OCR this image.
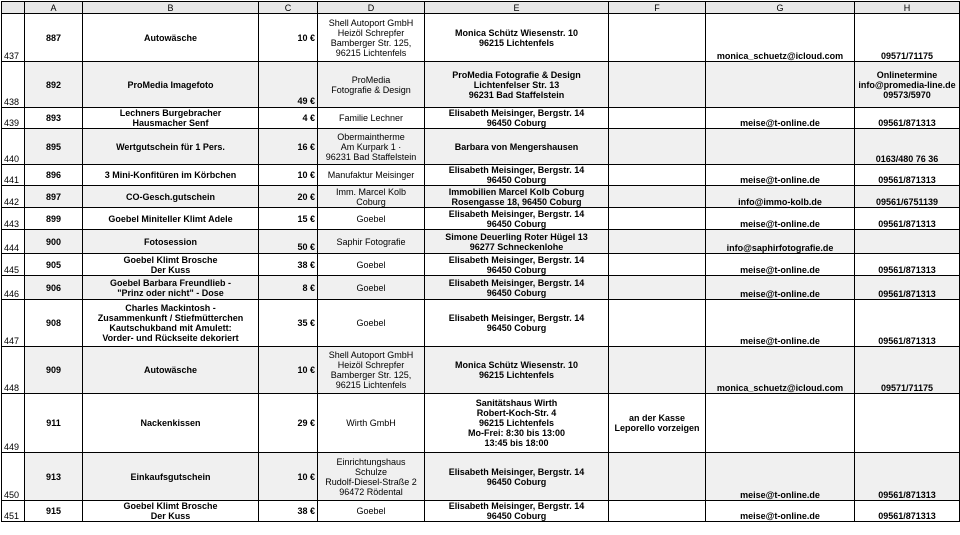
	A	B	C	D	E	F	G	H

437	887	Autowäsche	10 €	Shell Autoport GmbH
Heizöl Schrepfer
Bamberger Str. 125,
96215 Lichtenfels	Monica Schütz Wiesenstr. 10
96215 Lichtenfels		monica_schuetz@icloud.com	09571/71175

438	892	ProMedia Imagefoto	49 €	ProMedia
Fotografie & Design	ProMedia Fotografie & Design
Lichtenfelser Str. 13
96231 Bad Staffelstein			Onlinetermine
info@promedia-line.de
09573/5970

439	893	Lechners Burgebracher
Hausmacher Senf	4 €	Familie Lechner	Elisabeth Meisinger, Bergstr. 14
96450 Coburg		meise@t-online.de	09561/871313

440	895	Wertgutschein für 1 Pers.	16 €	Obermaintherme
Am Kurpark 1 ·
96231 Bad Staffelstein	Barbara von Mengershausen			0163/480 76 36

441	896	3 Mini-Konfitüren im Körbchen	10 €	Manufaktur Meisinger	Elisabeth Meisinger, Bergstr. 14
96450 Coburg		meise@t-online.de	09561/871313

442	897	CO-Gesch.gutschein	20 €	Imm. Marcel Kolb Coburg	Immobilien Marcel Kolb Coburg
Rosengasse 18, 96450 Coburg		info@immo-kolb.de	09561/6751139

443	899	Goebel Miniteller Klimt Adele	15 €	Goebel	Elisabeth Meisinger, Bergstr. 14
96450 Coburg		meise@t-online.de	09561/871313

444	900	Fotosession	50 €	Saphir Fotografie	Simone Deuerling Roter Hügel 13
96277 Schneckenlohe		info@saphirfotografie.de	

445	905	Goebel Klimt Brosche
Der Kuss	38 €	Goebel	Elisabeth Meisinger, Bergstr. 14
96450 Coburg		meise@t-online.de	09561/871313

446	906	Goebel Barbara Freundlieb -
"Prinz oder nicht" - Dose	8 €	Goebel	Elisabeth Meisinger, Bergstr. 14
96450 Coburg		meise@t-online.de	09561/871313

447	908	Charles Mackintosh -
Zusammenkunft / Stiefmütterchen
Kautschukband mit Amulett:
Vorder- und Rückseite dekoriert	35 €	Goebel	Elisabeth Meisinger, Bergstr. 14
96450 Coburg		meise@t-online.de	09561/871313

448	909	Autowäsche	10 €	Shell Autoport GmbH
Heizöl Schrepfer
Bamberger Str. 125,
96215 Lichtenfels	Monica Schütz Wiesenstr. 10
96215 Lichtenfels		monica_schuetz@icloud.com	09571/71175

449	911	Nackenkissen	29 €	Wirth GmbH	Sanitätshaus Wirth
Robert-Koch-Str. 4
96215 Lichtenfels
Mo-Frei: 8:30 bis 13:00
13:45 bis 18:00	an der Kasse
Leporello vorzeigen		

450	913	Einkaufsgutschein	10 €	Einrichtungshaus Schulze
Rudolf-Diesel-Straße 2
96472 Rödental	Elisabeth Meisinger, Bergstr. 14
96450 Coburg		meise@t-online.de	09561/871313

451	915	Goebel Klimt Brosche
Der Kuss	38 €	Goebel	Elisabeth Meisinger, Bergstr. 14
96450 Coburg		meise@t-online.de	09561/871313
